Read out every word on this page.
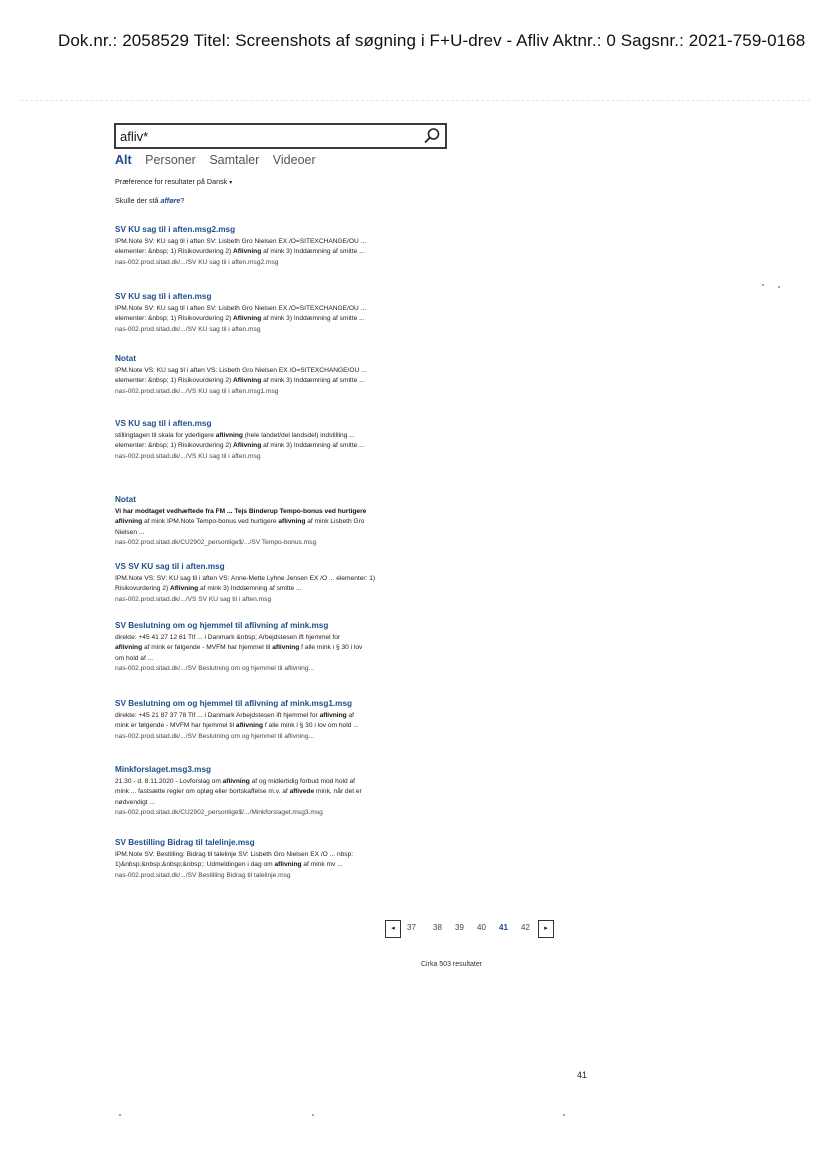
Dok.nr.: 2058529 Titel: Screenshots af søgning i F+U-drev - Afliv Aktnr.: 0 Sagsnr.: 2021-759-0168
afliv*
Alt Personer Samtaler Videoer
Præference for resultater på Dansk ▾
Skulle der stå afføre?
SV KU sag til i aften.msg2.msg
IPM.Note SV: KU sag til i aften SV: Lisbeth Gro Nielsen EX /O=SITEXCHANGE/OU ...
elementer: &nbsp; 1) Risikovurdering 2) Aflivning af mink 3) Inddæmning af smitte ...
nas-002.prod.sitad.dk/.../SV KU sag til i aften.msg2.msg
SV KU sag til i aften.msg
IPM.Note SV: KU sag til i aften SV: Lisbeth Gro Nielsen EX /O=SITEXCHANGE/OU ...
elementer: &nbsp; 1) Risikovurdering 2) Aflivning af mink 3) Inddæmning af smitte ...
nas-002.prod.sitad.dk/.../SV KU sag til i aften.msg
Notat
IPM.Note VS: KU sag til i aften VS: Lisbeth Gro Nielsen EX /O=SITEXCHANGE/OU ...
elementer: &nbsp; 1) Risikovurdering 2) Aflivning af mink 3) Inddæmning af smitte ...
nas-002.prod.sitad.dk/.../VS KU sag til i aften.msg1.msg
VS KU sag til i aften.msg
stillingtagen til skala for yderligere aflivning (hele landet/del landsdel) indstilling ...
elementer: &nbsp; 1) Risikovurdering 2) Aflivning af mink 3) Inddæmning af smitte ...
nas-002.prod.sitad.dk/.../VS KU sag til i aften.msg
Notat
Vi har modtaget vedhæftede fra FM ... Tejs Binderup Tempo-bonus ved hurtigere
aflivning af mink IPM.Note Tempo-bonus ved hurtigere aflivning af mink Lisbeth Gro
Nielsen ...
nas-002.prod.sitad.dk/CU2902_personlige$/.../SV Tempo-bonus.msg
VS SV KU sag til i aften.msg
IPM.Note VS: SV: KU sag til i aften VS: Anne-Mette Lyhne Jensen EX /O ... elementer: 1)
Risikovurdering 2) Aflivning af mink 3) Inddæmning af smitte ...
nas-002.prod.sitad.dk/.../VS SV KU sag til i aften.msg
SV Beslutning om og hjemmel til aflivning af mink.msg
direkte: +45 41 27 12 61 Tlf ... i Danmark &nbsp; Arbejdstesen ift hjemmel for
aflivning af mink er følgende - MVFM har hjemmel til aflivning f alle mink i § 30 i lov
om hold af ...
nas-002.prod.sitad.dk/.../SV Beslutning om og hjemmel til aflivning...
SV Beslutning om og hjemmel til aflivning af mink.msg1.msg
direkte: +45 21 87 37 78 Tlf ... i Danmark Arbejdstesen ift hjemmel for aflivning af
mink er følgende - MVFM har hjemmel til aflivning f alle mink i § 30 i lov om hold ...
nas-002.prod.sitad.dk/.../SV Beslutning om og hjemmel til aflivning...
Minkforslaget.msg3.msg
21.30 - d. 8.11.2020 - Lovforslag om aflivning af og midlertidig forbud mod hold af
mink ... fastsætte regler om opløg eller bortskaffelse m.v. af aflivede mink, når det er
nødvendigt ...
nas-002.prod.sitad.dk/CU2902_personlige$/.../Minkforslaget.msg3.msg
SV Bestilling Bidrag til talelinje.msg
IPM.Note SV: Bestilling: Bidrag til talelinje SV: Lisbeth Gro Nielsen EX /O ... nbsp:
1)&nbsp;&nbsp;&nbsp;&nbsp;: Udmeldingen i dag om aflivning af mink mv ...
nas-002.prod.sitad.dk/.../SV Bestilling Bidrag til talelinje.msg
◂	37 38 39 40 41 42	▸
Cirka 503 resultater
41
